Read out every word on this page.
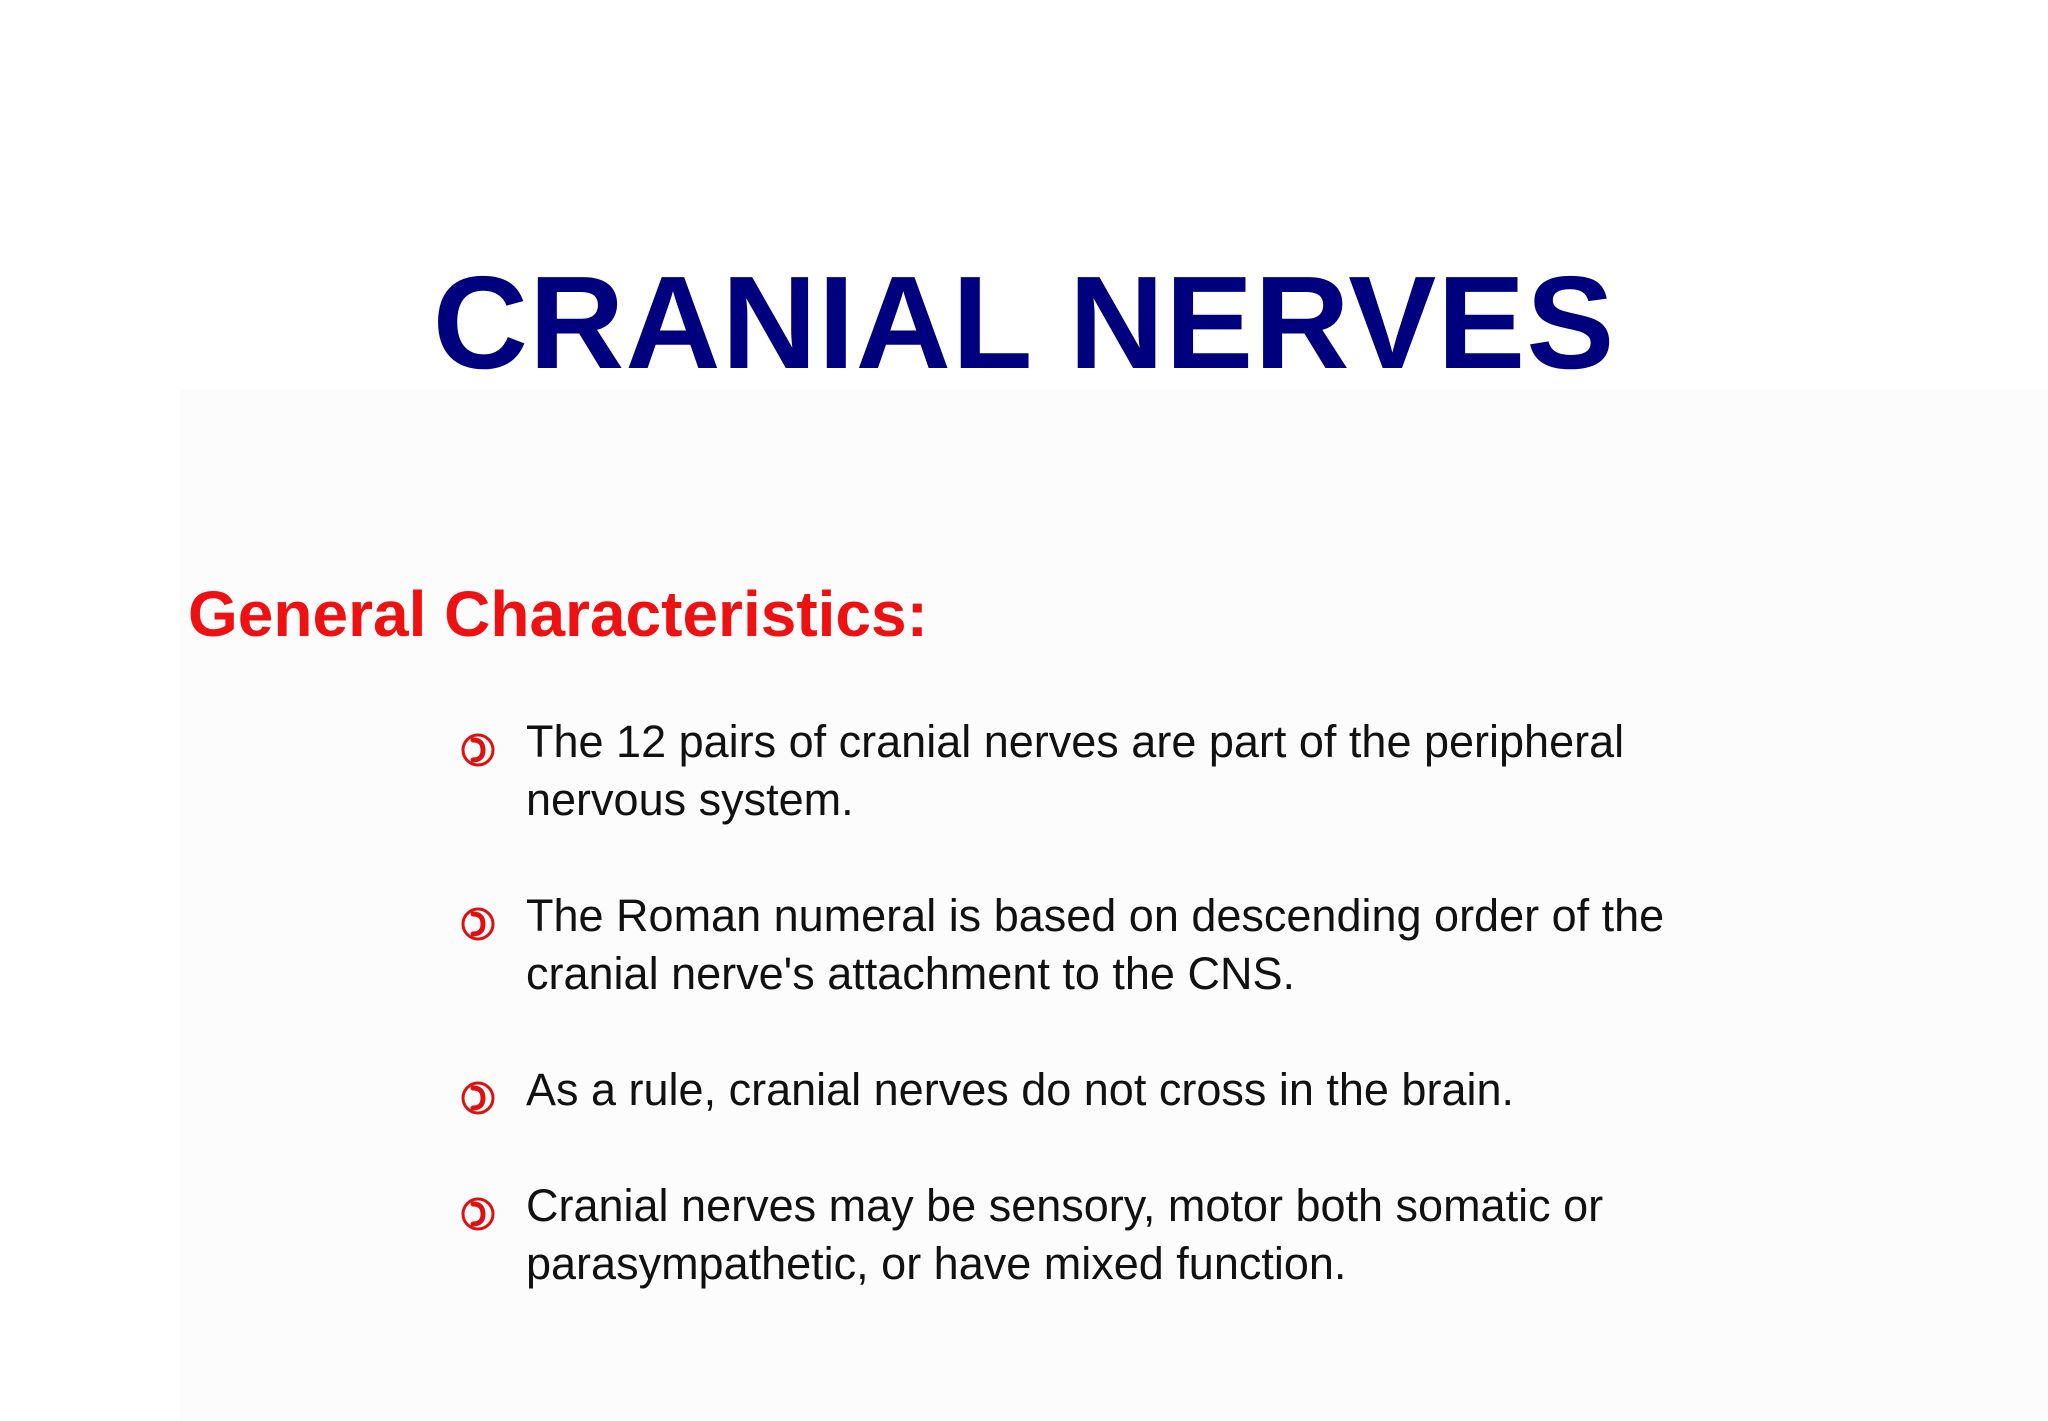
CRANIAL NERVES
General Characteristics:

The 12 pairs of cranial nerves are part of the peripheral nervous system.

The Roman numeral is based on descending order of the cranial nerve's attachment to the CNS.

As a rule, cranial nerves do not cross in the brain.

Cranial nerves may be sensory, motor both somatic or parasympathetic, or have mixed function.
